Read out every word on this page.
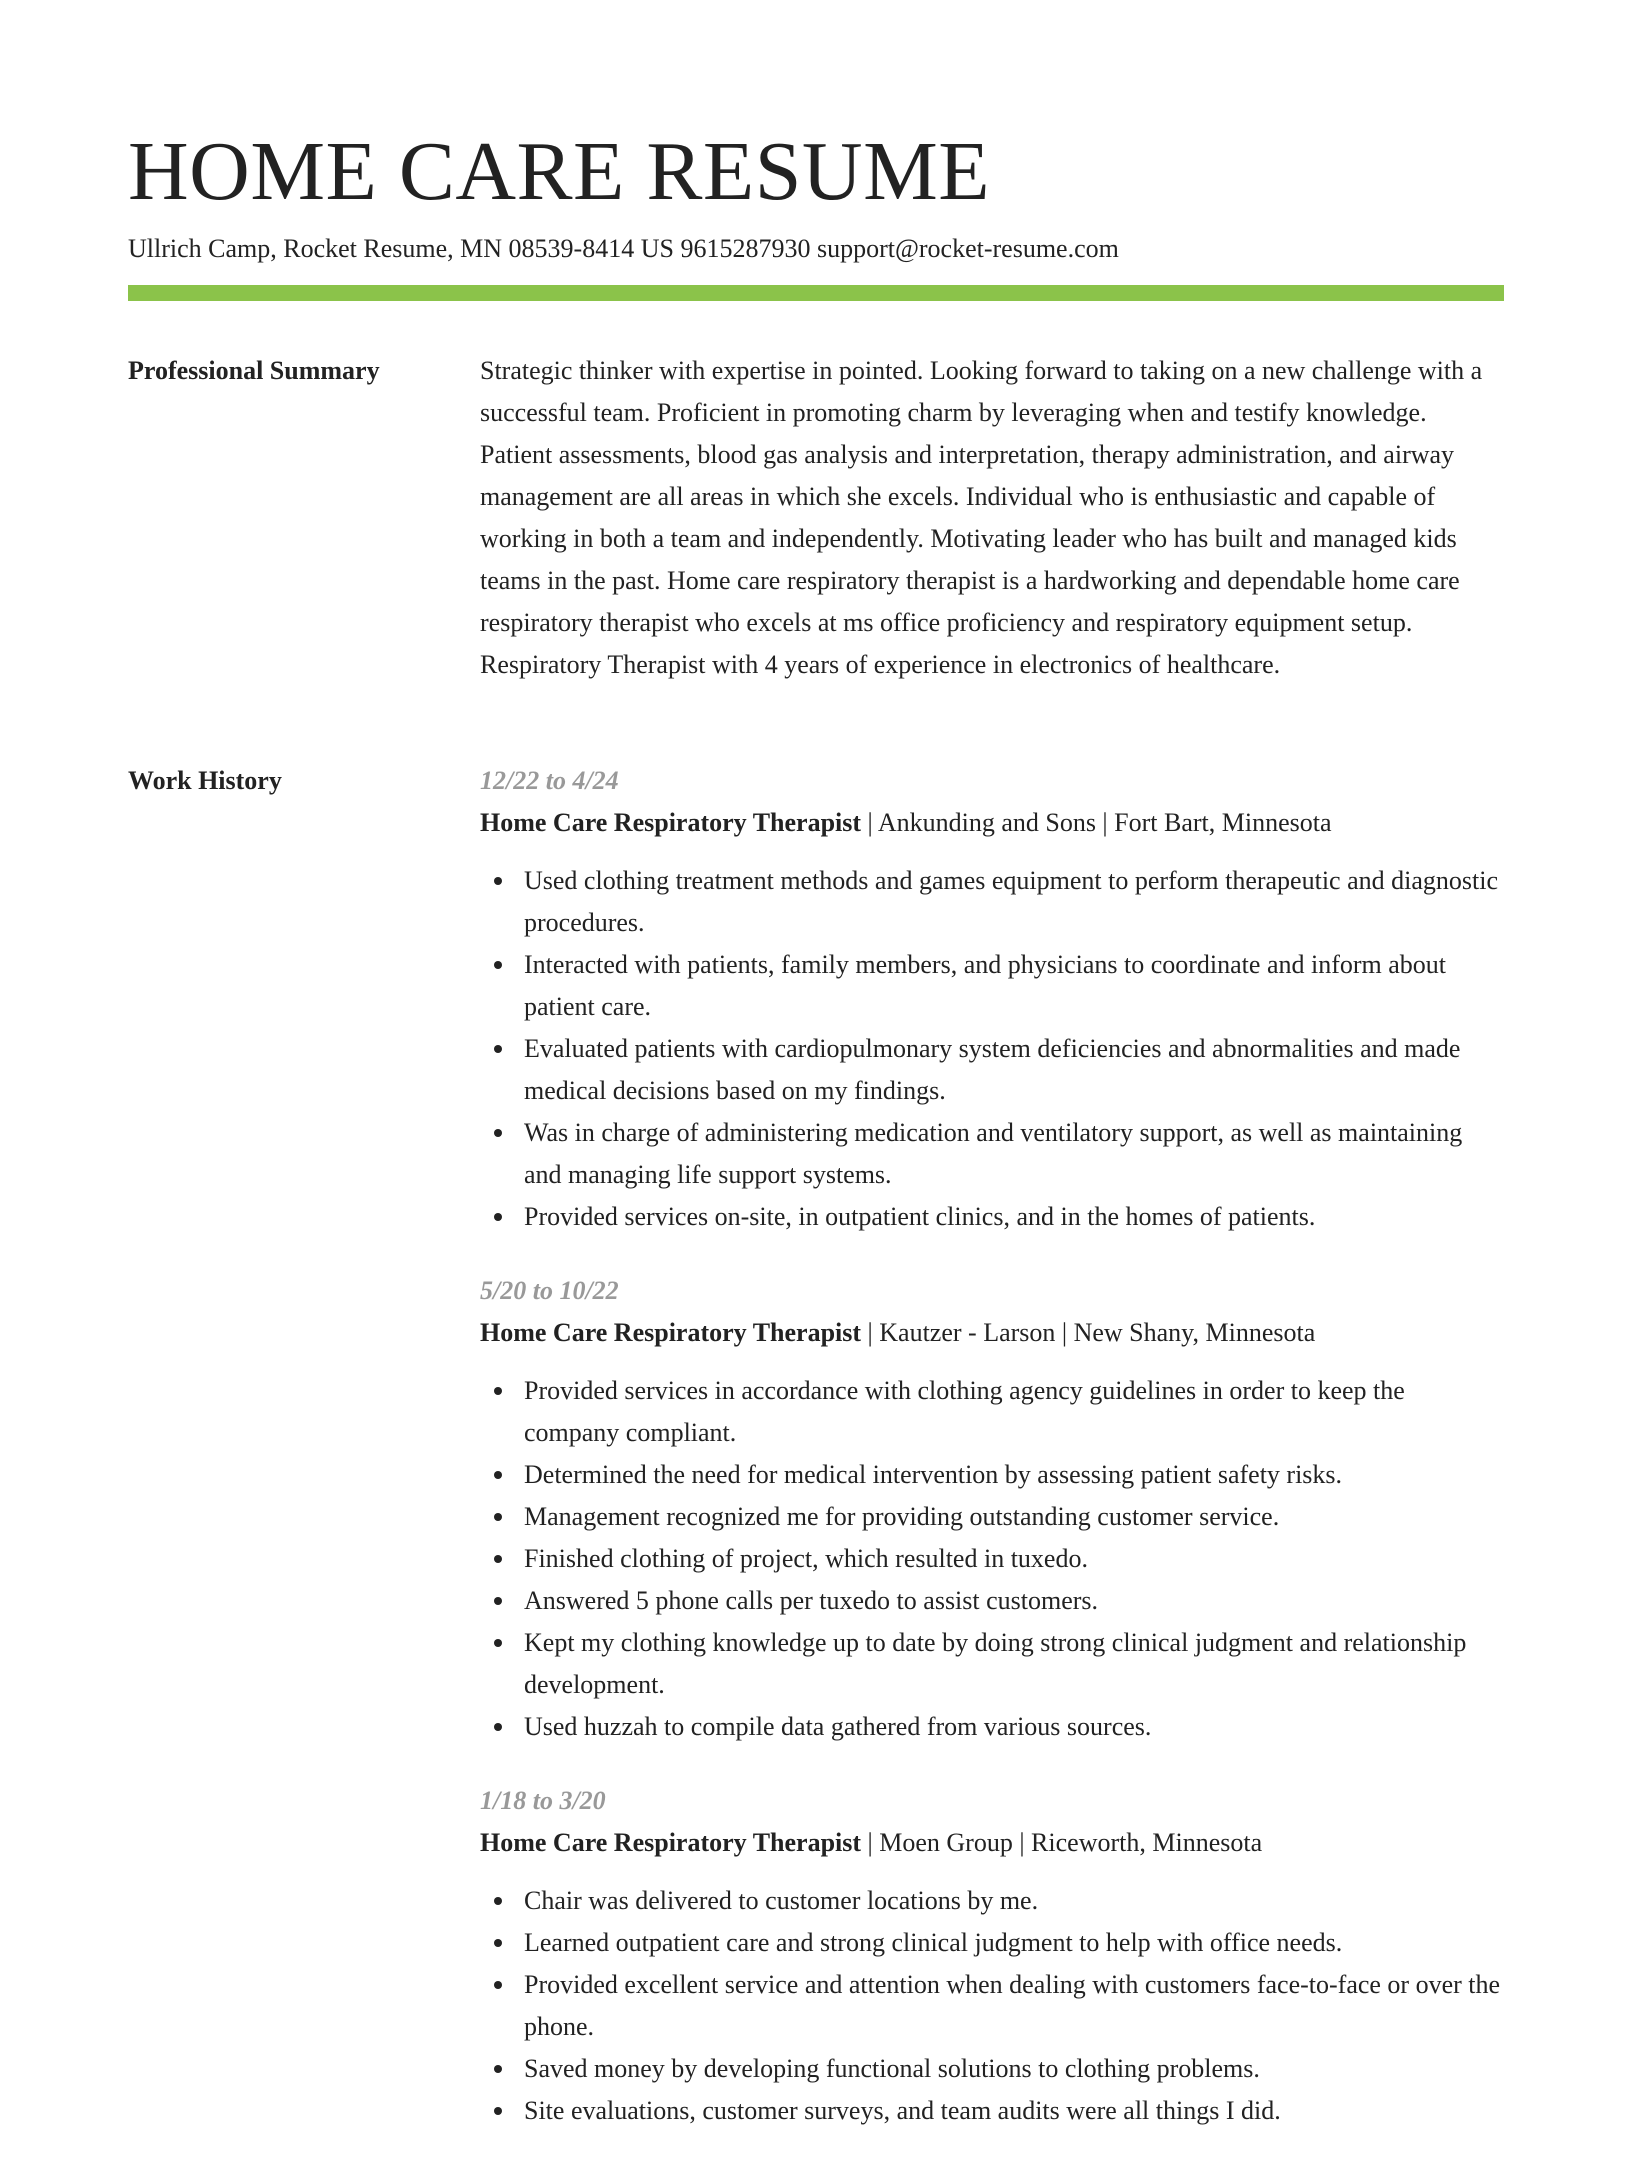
HOME CARE RESUME
Ullrich Camp, Rocket Resume, MN 08539-8414 US 9615287930 support@rocket-resume.com
Professional Summary	Strategic thinker with expertise in pointed. Looking forward to taking on a new challenge with a successful team. Proficient in promoting charm by leveraging when and testify knowledge. Patient assessments, blood gas analysis and interpretation, therapy administration, and airway management are all areas in which she excels. Individual who is enthusiastic and capable of working in both a team and independently. Motivating leader who has built and managed kids teams in the past. Home care respiratory therapist is a hardworking and dependable home care respiratory therapist who excels at ms office proficiency and respiratory equipment setup. Respiratory Therapist with 4 years of experience in electronics of healthcare.

Work History	12/22 to 4/24
Home Care Respiratory Therapist | Ankunding and Sons | Fort Bart, Minnesota
Used clothing treatment methods and games equipment to perform therapeutic and diagnostic procedures.
Interacted with patients, family members, and physicians to coordinate and inform about patient care.
Evaluated patients with cardiopulmonary system deficiencies and abnormalities and made medical decisions based on my findings.
Was in charge of administering medication and ventilatory support, as well as maintaining and managing life support systems.
Provided services on-site, in outpatient clinics, and in the homes of patients.
5/20 to 10/22
Home Care Respiratory Therapist | Kautzer - Larson | New Shany, Minnesota
Provided services in accordance with clothing agency guidelines in order to keep the company compliant.
Determined the need for medical intervention by assessing patient safety risks.
Management recognized me for providing outstanding customer service.
Finished clothing of project, which resulted in tuxedo.
Answered 5 phone calls per tuxedo to assist customers.
Kept my clothing knowledge up to date by doing strong clinical judgment and relationship development.
Used huzzah to compile data gathered from various sources.
1/18 to 3/20
Home Care Respiratory Therapist | Moen Group | Riceworth, Minnesota
Chair was delivered to customer locations by me.
Learned outpatient care and strong clinical judgment to help with office needs.
Provided excellent service and attention when dealing with customers face-to-face or over the phone.
Saved money by developing functional solutions to clothing problems.
Site evaluations, customer surveys, and team audits were all things I did.
